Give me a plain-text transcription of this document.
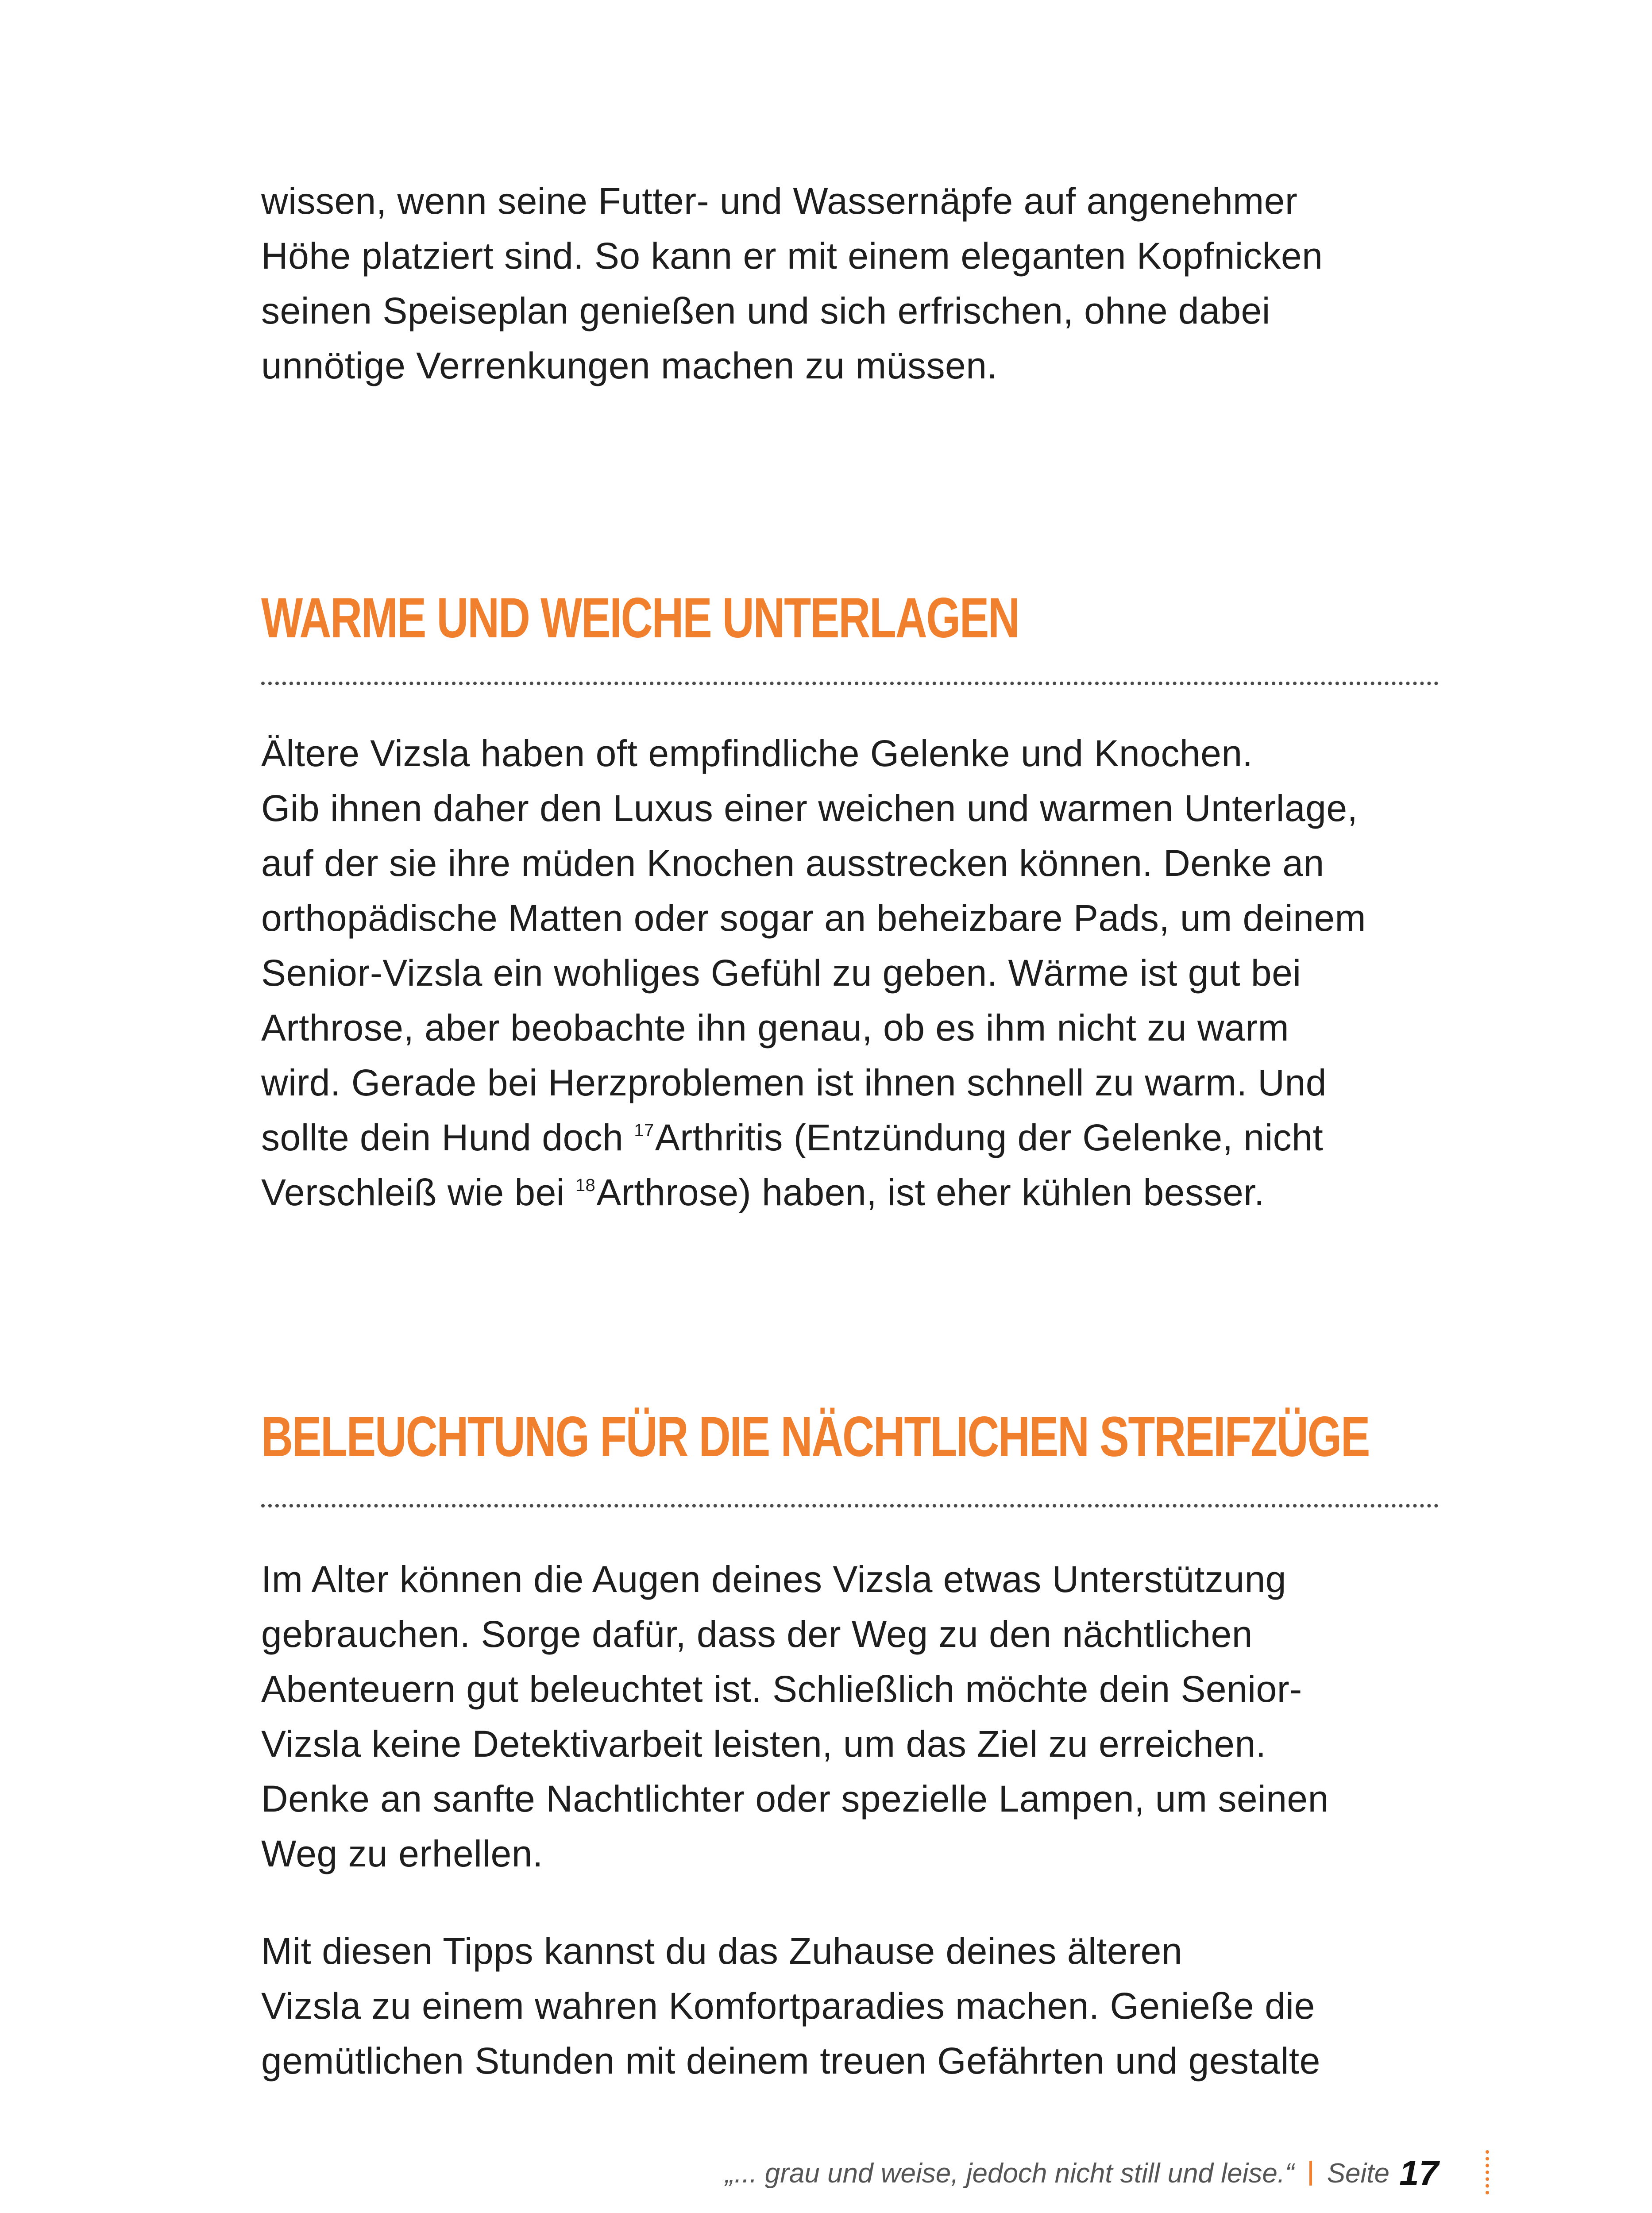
wissen, wenn seine Futter- und Wassernäpfe auf angenehmer
Höhe platziert sind. So kann er mit einem eleganten Kopfnicken
seinen Speiseplan genießen und sich erfrischen, ohne dabei
unnötige Verrenkungen machen zu müssen.

WARME UND WEICHE UNTERLAGEN

Ältere Vizsla haben oft empfindliche Gelenke und Knochen.
Gib ihnen daher den Luxus einer weichen und warmen Unterlage,
auf der sie ihre müden Knochen ausstrecken können. Denke an
orthopädische Matten oder sogar an beheizbare Pads, um deinem
Senior-Vizsla ein wohliges Gefühl zu geben. Wärme ist gut bei
Arthrose, aber beobachte ihn genau, ob es ihm nicht zu warm
wird. Gerade bei Herzproblemen ist ihnen schnell zu warm. Und
sollte dein Hund doch $^{17}$Arthritis (Entzündung der Gelenke, nicht
Verschleiß wie bei $^{18}$Arthrose) haben, ist eher kühlen besser.

BELEUCHTUNG FÜR DIE NÄCHTLICHEN STREIFZÜGE

Im Alter können die Augen deines Vizsla etwas Unterstützung
gebrauchen. Sorge dafür, dass der Weg zu den nächtlichen
Abenteuern gut beleuchtet ist. Schließlich möchte dein Senior-
Vizsla keine Detektivarbeit leisten, um das Ziel zu erreichen.
Denke an sanfte Nachtlichter oder spezielle Lampen, um seinen
Weg zu erhellen.

Mit diesen Tipps kannst du das Zuhause deines älteren
Vizsla zu einem wahren Komfortparadies machen. Genieße die
gemütlichen Stunden mit deinem treuen Gefährten und gestalte

„... grau und weise, jedoch nicht still und leise.“ Seite 17
